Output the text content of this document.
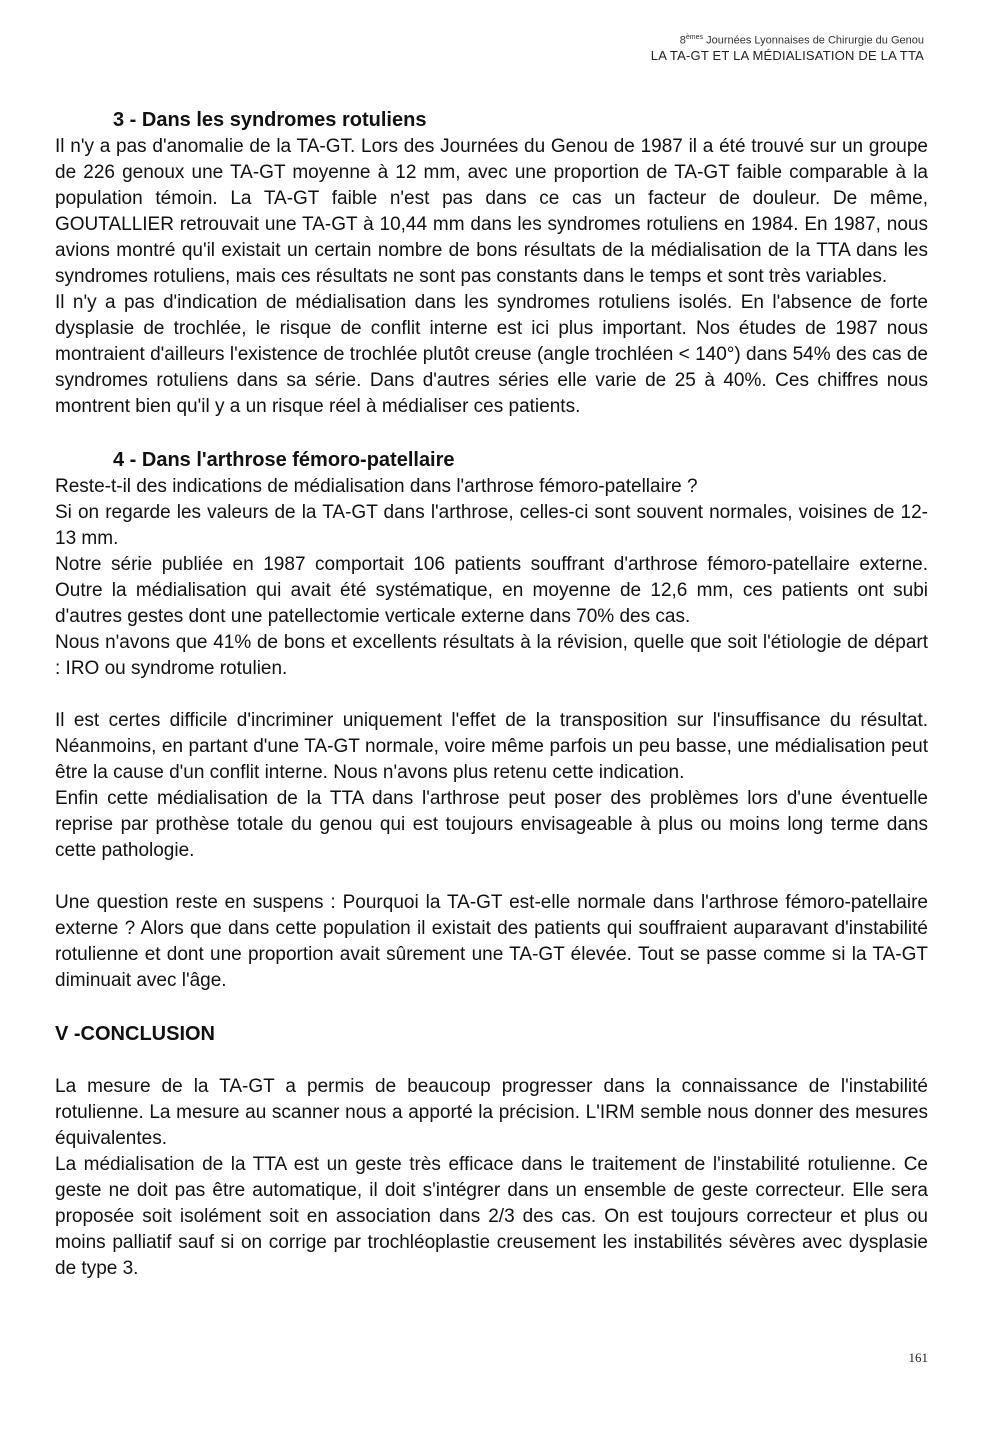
8èmes Journées Lyonnaises de Chirurgie du Genou
LA TA-GT ET LA MÉDIALISATION DE LA TTA
3 - Dans les syndromes rotuliens

Il n'y a pas d'anomalie de la TA-GT. Lors des Journées du Genou de 1987 il a été trouvé sur un groupe de 226 genoux une TA-GT moyenne à 12 mm, avec une proportion de TA-GT faible comparable à la population témoin. La TA-GT faible n'est pas dans ce cas un facteur de douleur. De même, GOUTALLIER retrouvait une TA-GT à 10,44 mm dans les syndromes rotuliens en 1984. En 1987, nous avions montré qu'il existait un certain nombre de bons résultats de la médialisation de la TTA dans les syndromes rotuliens, mais ces résultats ne sont pas constants dans le temps et sont très variables.

Il n'y a pas d'indication de médialisation dans les syndromes rotuliens isolés. En l'absence de forte dysplasie de trochlée, le risque de conflit interne est ici plus important. Nos études de 1987 nous montraient d'ailleurs l'existence de trochlée plutôt creuse (angle trochléen < 140°) dans 54% des cas de syndromes rotuliens dans sa série. Dans d'autres séries elle varie de 25 à 40%. Ces chiffres nous montrent bien qu'il y a un risque réel à médialiser ces patients.

4 - Dans l'arthrose fémoro-patellaire

Reste-t-il des indications de médialisation dans l'arthrose fémoro-patellaire ?

Si on regarde les valeurs de la TA-GT dans l'arthrose, celles-ci sont souvent normales, voisines de 12-13 mm.

Notre série publiée en 1987 comportait 106 patients souffrant d'arthrose fémoro-patellaire externe. Outre la médialisation qui avait été systématique, en moyenne de 12,6 mm, ces patients ont subi d'autres gestes dont une patellectomie verticale externe dans 70% des cas.

Nous n'avons que 41% de bons et excellents résultats à la révision, quelle que soit l'étiologie de départ : IRO ou syndrome rotulien.

Il est certes difficile d'incriminer uniquement l'effet de la transposition sur l'insuffisance du résultat. Néanmoins, en partant d'une TA-GT normale, voire même parfois un peu basse, une médialisation peut être la cause d'un conflit interne. Nous n'avons plus retenu cette indication.

Enfin cette médialisation de la TTA dans l'arthrose peut poser des problèmes lors d'une éventuelle reprise par prothèse totale du genou qui est toujours envisageable à plus ou moins long terme dans cette pathologie.

Une question reste en suspens : Pourquoi la TA-GT est-elle normale dans l'arthrose fémoro-patellaire externe ? Alors que dans cette population il existait des patients qui souffraient auparavant d'instabilité rotulienne et dont une proportion avait sûrement une TA-GT élevée. Tout se passe comme si la TA-GT diminuait avec l'âge.

V -CONCLUSION

La mesure de la TA-GT a permis de beaucoup progresser dans la connaissance de l'instabilité rotulienne. La mesure au scanner nous a apporté la précision. L'IRM semble nous donner des mesures équivalentes.

La médialisation de la TTA est un geste très efficace dans le traitement de l'instabilité rotulienne. Ce geste ne doit pas être automatique, il doit s'intégrer dans un ensemble de geste correcteur. Elle sera proposée soit isolément soit en association dans 2/3 des cas. On est toujours correcteur et plus ou moins palliatif sauf si on corrige par trochléoplastie creusement les instabilités sévères avec dysplasie de type 3.

161
